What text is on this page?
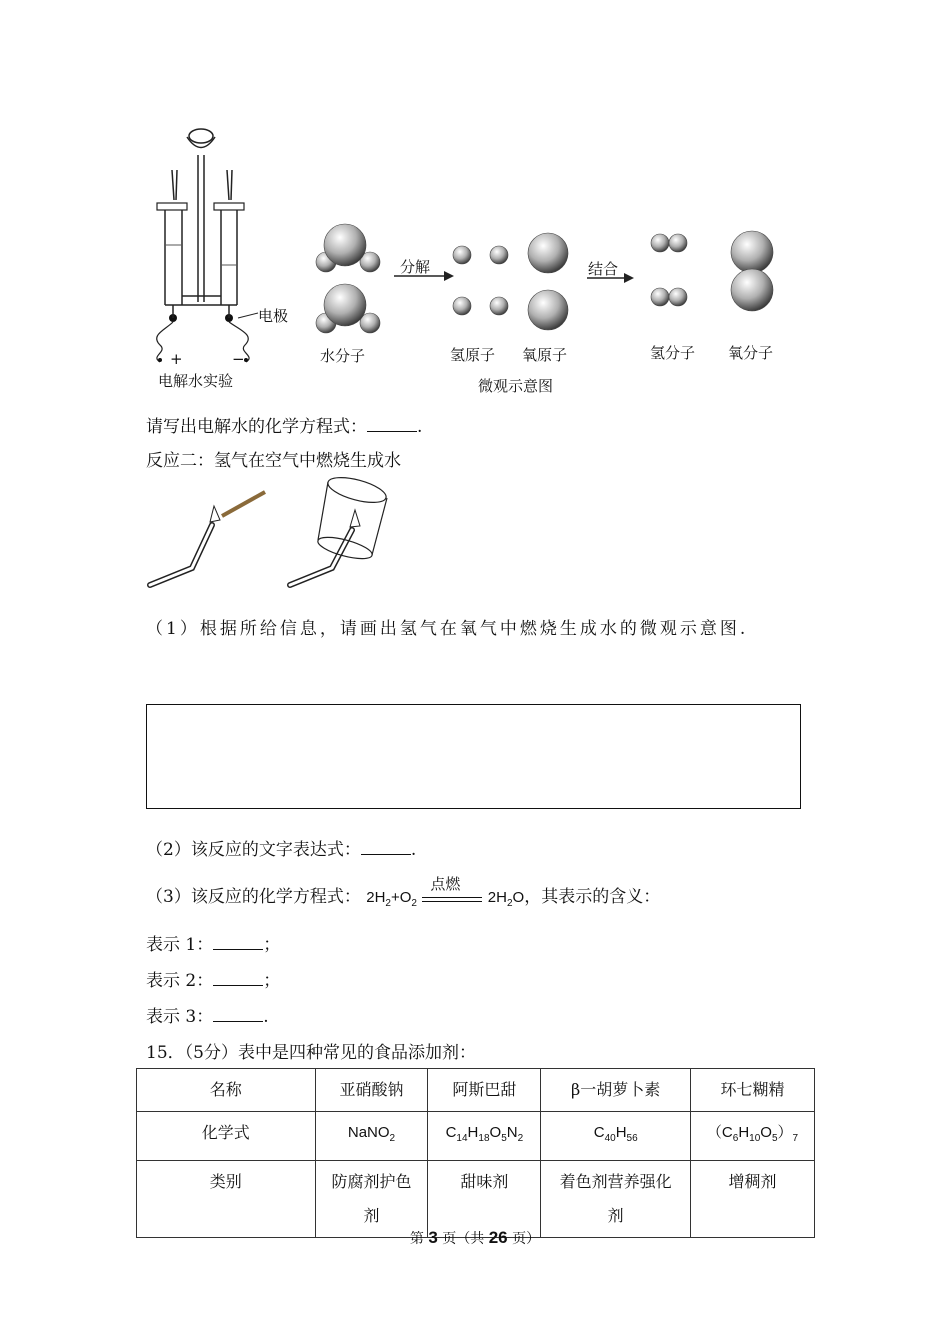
电极
+	−
电解水实验
分解	结合
水分子	氢原子 氧原子	氢分子 氧分子
微观示意图
请写出电解水的化学方程式：	.
反应二：氢气在空气中燃烧生成水
（1）根据所给信息，请画出氢气在氧气中燃烧生成水的微观示意图.
（2）该反应的文字表达式：	.
（3）该反应的化学方程式： $2H_2+O_2$
点燃
$2H_2O$，其表示的含义：
表示 1：	；
表示 2：	；
表示 3：	.
15．（5分）表中是四种常见的食品添加剂：
名称	亚硝酸钠	阿斯巴甜	β一胡萝卜素	环七糊精
化学式	NaNO$_2$	$C_{14}H_{18}O_5N_2$	$C_{40}H_{56}$	$(C_6H_{10}O_5)_7$
类别	防腐剂护色剂	甜味剂	着色剂营养强化剂	增稠剂
第 3 页（共 26 页）
